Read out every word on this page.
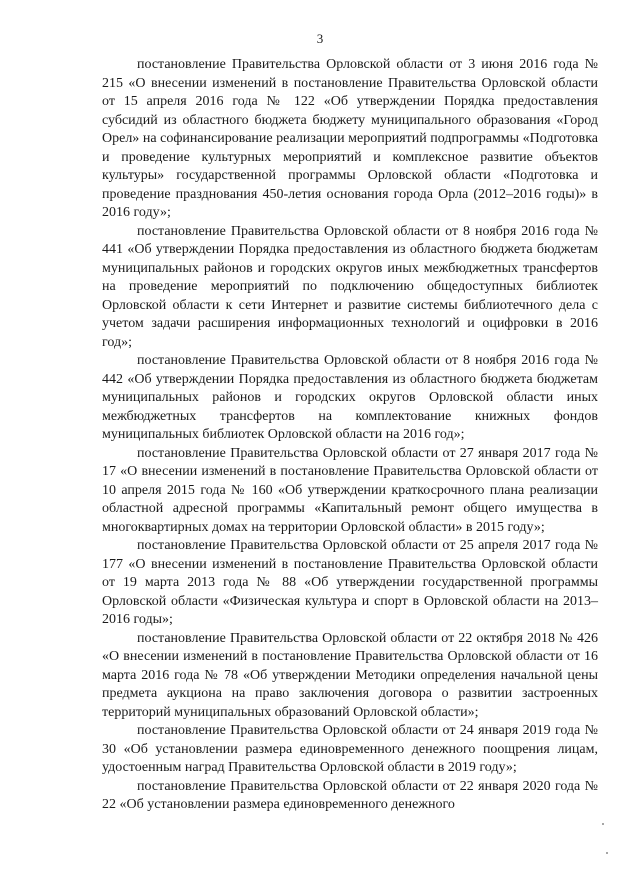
3

постановление Правительства Орловской области от 3 июня 2016 года № 215 «О внесении изменений в постановление Правительства Орловской области от 15 апреля 2016 года № 122 «Об утверждении Порядка предоставления субсидий из областного бюджета бюджету муниципального образования «Город Орел» на софинансирование реализации мероприятий подпрограммы «Подготовка и проведение культурных мероприятий и комплексное развитие объектов культуры» государственной программы Орловской области «Подготовка и проведение празднования 450-летия основания города Орла (2012–2016 годы)» в 2016 году»;

постановление Правительства Орловской области от 8 ноября 2016 года № 441 «Об утверждении Порядка предоставления из областного бюджета бюджетам муниципальных районов и городских округов иных межбюджетных трансфертов на проведение мероприятий по подключению общедоступных библиотек Орловской области к сети Интернет и развитие системы библиотечного дела с учетом задачи расширения информационных технологий и оцифровки в 2016 год»;

постановление Правительства Орловской области от 8 ноября 2016 года № 442 «Об утверждении Порядка предоставления из областного бюджета бюджетам муниципальных районов и городских округов Орловской области иных межбюджетных трансфертов на комплектование книжных фондов муниципальных библиотек Орловской области на 2016 год»;

постановление Правительства Орловской области от 27 января 2017 года № 17 «О внесении изменений в постановление Правительства Орловской области от 10 апреля 2015 года № 160 «Об утверждении краткосрочного плана реализации областной адресной программы «Капитальный ремонт общего имущества в многоквартирных домах на территории Орловской области» в 2015 году»;

постановление Правительства Орловской области от 25 апреля 2017 года № 177 «О внесении изменений в постановление Правительства Орловской области от 19 марта 2013 года № 88 «Об утверждении государственной программы Орловской области «Физическая культура и спорт в Орловской области на 2013–2016 годы»;

постановление Правительства Орловской области от 22 октября 2018 № 426 «О внесении изменений в постановление Правительства Орловской области от 16 марта 2016 года № 78 «Об утверждении Методики определения начальной цены предмета аукциона на право заключения договора о развитии застроенных территорий муниципальных образований Орловской области»;

постановление Правительства Орловской области от 24 января 2019 года № 30 «Об установлении размера единовременного денежного поощрения лицам, удостоенным наград Правительства Орловской области в 2019 году»;

постановление Правительства Орловской области от 22 января 2020 года № 22 «Об установлении размера единовременного денежного
